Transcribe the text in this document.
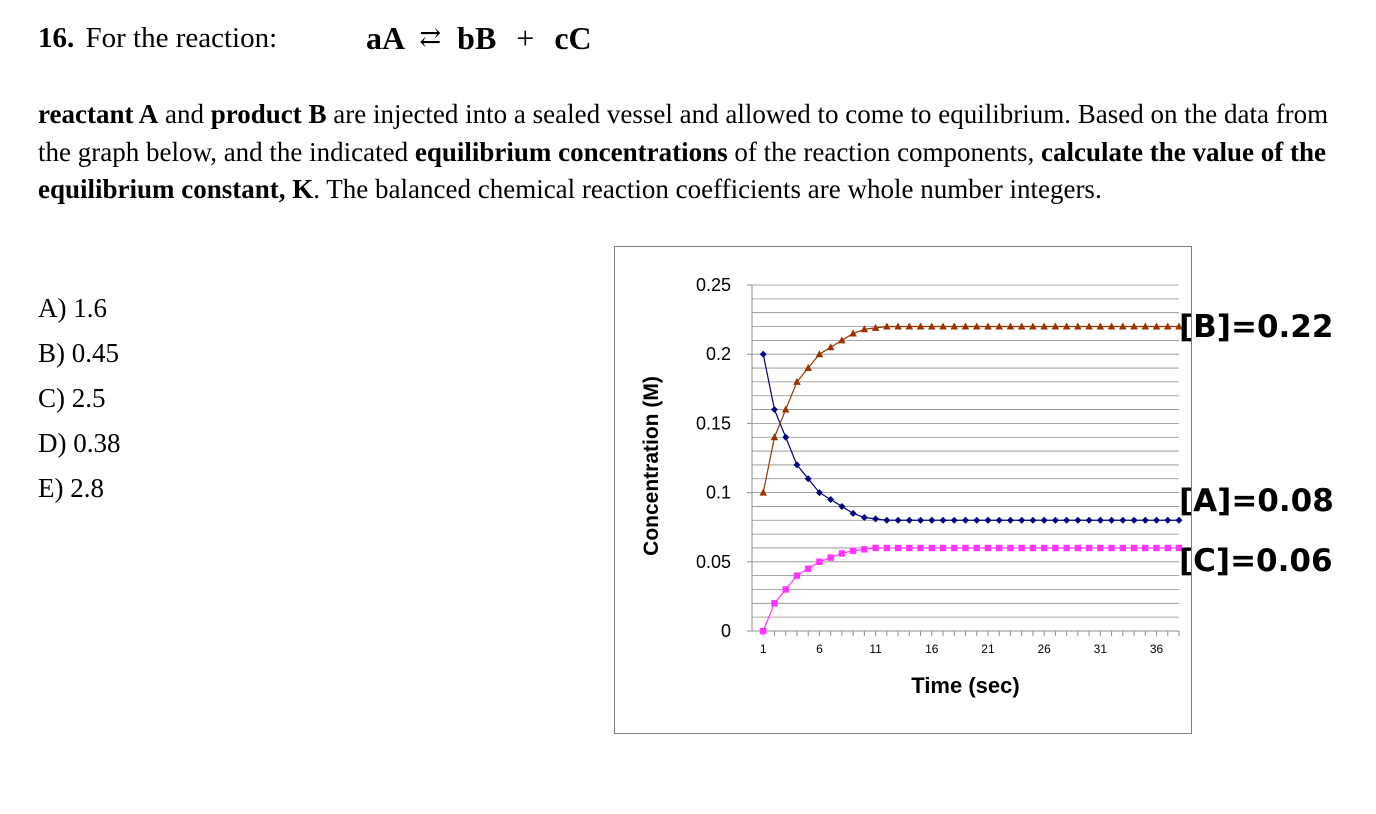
16. For the reaction:	aA ⇄ bB + cC
reactant A and product B are injected into a sealed vessel and allowed to come to equilibrium. Based on the data from the graph below, and the indicated equilibrium concentrations of the reaction components, calculate the value of the equilibrium constant, K. The balanced chemical reaction coefficients are whole number integers.
A) 1.6
B) 0.45
C) 2.5
D) 0.38
E) 2.8
0
0.05
0.1
0.15
0.2
0.25
1	6	11	16	21	26	31	36
Time (sec)
Concentration (M)
[B]=0.22
[A]=0.08
[C]=0.06
